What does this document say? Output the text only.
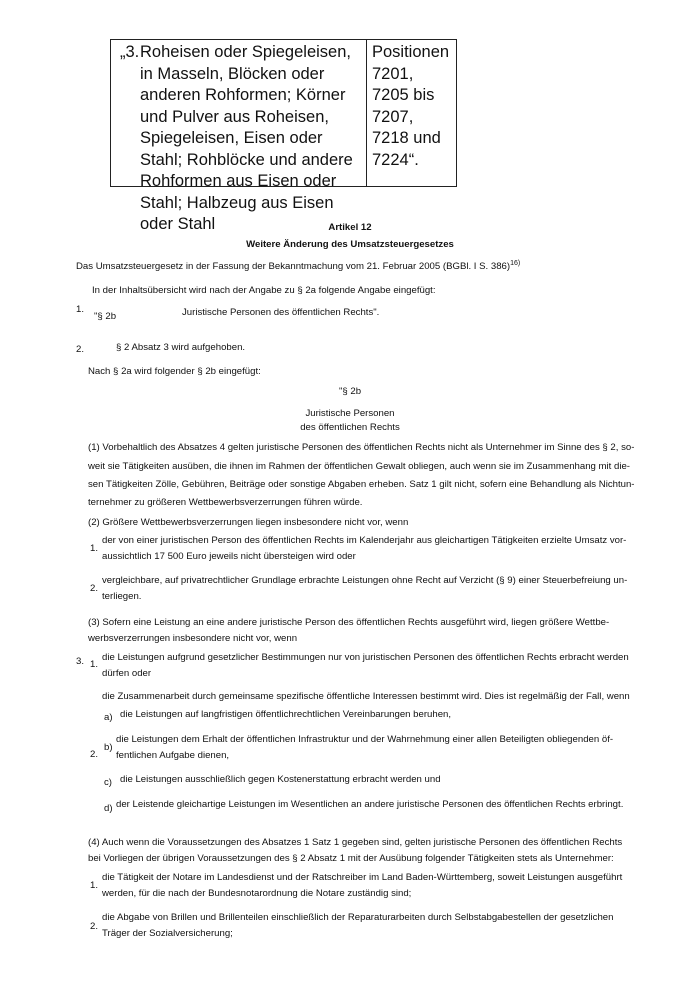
„3. Roheisen oder Spiegeleisen, in Masseln, Blöcken oder anderen Rohformen; Körner und Pulver aus Roheisen, Spiegeleisen, Eisen oder Stahl; Rohblöcke und andere Rohformen aus Eisen oder Stahl; Halbzeug aus Eisen oder Stahl
Positionen 7201, 7205 bis 7207, 7218 und 7224“.
Artikel 12
Weitere Änderung des Umsatzsteuergesetzes
Das Umsatzsteuergesetz in der Fassung der Bekanntmachung vom 21. Februar 2005 (BGBl. I S. 386)$^{16)}$
In der Inhaltsübersicht wird nach der Angabe zu § 2a folgende Angabe eingefügt:
1.
"§ 2b	Juristische Personen des öffentlichen Rechts".
2.	§ 2 Absatz 3 wird aufgehoben.
Nach § 2a wird folgender § 2b eingefügt:
"§ 2b
Juristische Personen
des öffentlichen Rechts
(1) Vorbehaltlich des Absatzes 4 gelten juristische Personen des öffentlichen Rechts nicht als Unternehmer im Sinne des § 2, so-
weit sie Tätigkeiten ausüben, die ihnen im Rahmen der öffentlichen Gewalt obliegen, auch wenn sie im Zusammenhang mit die-
sen Tätigkeiten Zölle, Gebühren, Beiträge oder sonstige Abgaben erheben. Satz 1 gilt nicht, sofern eine Behandlung als Nichtun-
ternehmer zu größeren Wettbewerbsverzerrungen führen würde.
(2) Größere Wettbewerbsverzerrungen liegen insbesondere nicht vor, wenn
1.
der von einer juristischen Person des öffentlichen Rechts im Kalenderjahr aus gleichartigen Tätigkeiten erzielte Umsatz vor-
aussichtlich 17 500 Euro jeweils nicht übersteigen wird oder
2.
vergleichbare, auf privatrechtlicher Grundlage erbrachte Leistungen ohne Recht auf Verzicht (§ 9) einer Steuerbefreiung un-
terliegen.
(3) Sofern eine Leistung an eine andere juristische Person des öffentlichen Rechts ausgeführt wird, liegen größere Wettbe-
werbsverzerrungen insbesondere nicht vor, wenn
3. 1.
die Leistungen aufgrund gesetzlicher Bestimmungen nur von juristischen Personen des öffentlichen Rechts erbracht werden
dürfen oder
die Zusammenarbeit durch gemeinsame spezifische öffentliche Interessen bestimmt wird. Dies ist regelmäßig der Fall, wenn
a) die Leistungen auf langfristigen öffentlichrechtlichen Vereinbarungen beruhen,
2.
b)
die Leistungen dem Erhalt der öffentlichen Infrastruktur und der Wahrnehmung einer allen Beteiligten obliegenden öf-
fentlichen Aufgabe dienen,
c) die Leistungen ausschließlich gegen Kostenerstattung erbracht werden und
d) der Leistende gleichartige Leistungen im Wesentlichen an andere juristische Personen des öffentlichen Rechts erbringt.
(4) Auch wenn die Voraussetzungen des Absatzes 1 Satz 1 gegeben sind, gelten juristische Personen des öffentlichen Rechts
bei Vorliegen der übrigen Voraussetzungen des § 2 Absatz 1 mit der Ausübung folgender Tätigkeiten stets als Unternehmer:
1.
die Tätigkeit der Notare im Landesdienst und der Ratschreiber im Land Baden-Württemberg, soweit Leistungen ausgeführt
werden, für die nach der Bundesnotarordnung die Notare zuständig sind;
2.
die Abgabe von Brillen und Brillenteilen einschließlich der Reparaturarbeiten durch Selbstabgabestellen der gesetzlichen
Träger der Sozialversicherung;
